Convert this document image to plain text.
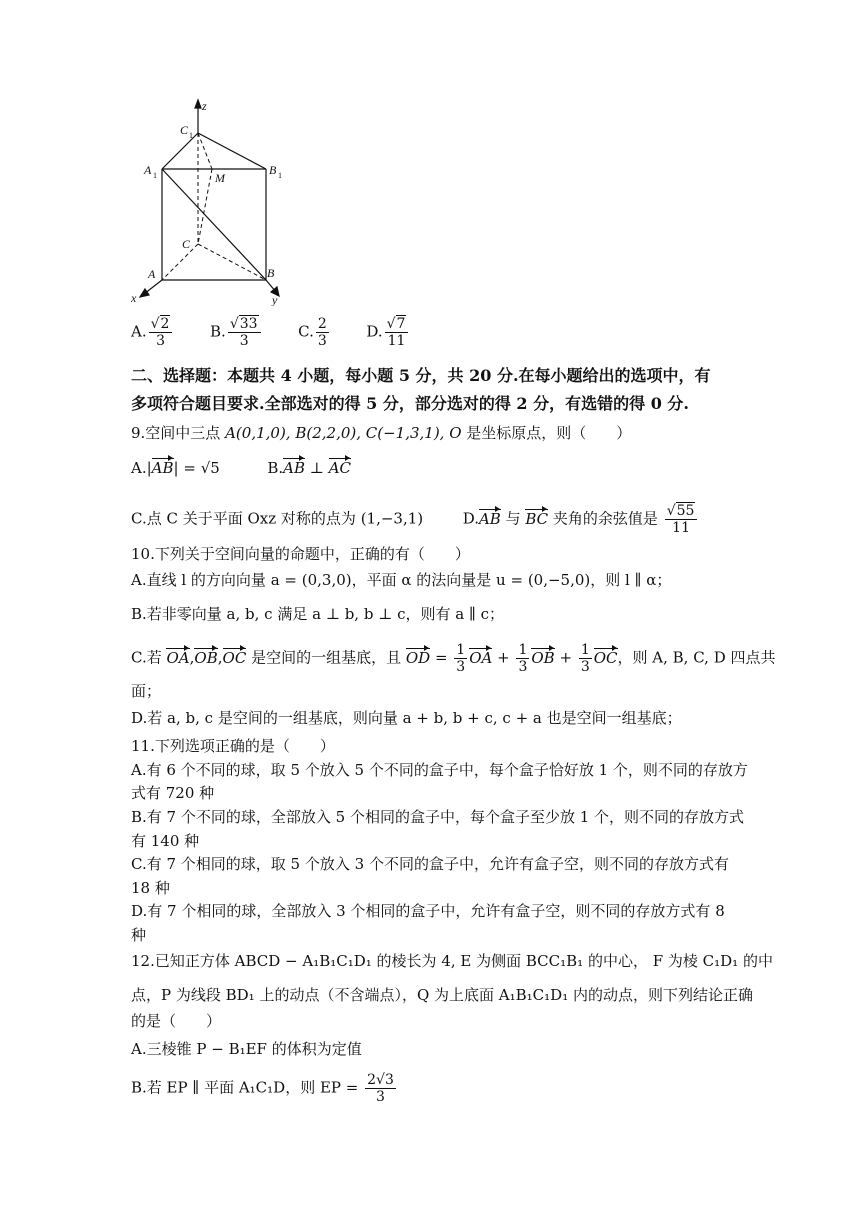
z
x	y
C 1
A 1	B 1
M
C
A	B
A. $\frac{√2}{3}$	B. $\frac{√33}{3}$	C. $\frac{2}{3}$	D. $\frac{√7}{11}$
二、选择题：本题共 4 小题，每小题 5 分，共 20 分.在每小题给出的选项中，有
多项符合题目要求.全部选对的得 5 分，部分选对的得 2 分，有选错的得 0 分.
9.空间中三点 A(0,1,0), B(2,2,0), C(−1,3,1), O 是坐标原点，则（　　）
A.|AB| = √5	B.AB ⊥ AC
C.点 C 关于平面 Oxz 对称的点为 (1,−3,1)	D.AB 与 BC 夹角的余弦值是 $\frac{√55}{11}$
10.下列关于空间向量的命题中，正确的有（　　）
A.直线 l 的方向向量 a = (0,3,0)，平面 α 的法向量是 u = (0,−5,0)，则 l ∥ α；
B.若非零向量 a, b, c 满足 a ⊥ b, b ⊥ c，则有 a ∥ c；
C.若 OA,OB,OC 是空间的一组基底，且 OD = $\frac{1}{3}$ OA + $\frac{1}{3}$ OB + $\frac{1}{3}$ OC，则 A, B, C, D 四点共
面；
D.若 a, b, c 是空间的一组基底，则向量 a + b, b + c, c + a 也是空间一组基底；
11.下列选项正确的是（　　）
A.有 6 个不同的球，取 5 个放入 5 个不同的盒子中，每个盒子恰好放 1 个，则不同的存放方
式有 720 种
B.有 7 个不同的球，全部放入 5 个相同的盒子中，每个盒子至少放 1 个，则不同的存放方式
有 140 种
C.有 7 个相同的球，取 5 个放入 3 个不同的盒子中，允许有盒子空，则不同的存放方式有
18 种
D.有 7 个相同的球，全部放入 3 个相同的盒子中，允许有盒子空，则不同的存放方式有 8
种
12.已知正方体 ABCD − A₁B₁C₁D₁ 的棱长为 4, E 为侧面 BCC₁B₁ 的中心， F 为棱 C₁D₁ 的中
点，P 为线段 BD₁ 上的动点（不含端点），Q 为上底面 A₁B₁C₁D₁ 内的动点，则下列结论正确
的是（　　）
A.三棱锥 P − B₁EF 的体积为定值
B.若 EP ∥ 平面 A₁C₁D，则 EP = $\frac{2√3}{3}$
